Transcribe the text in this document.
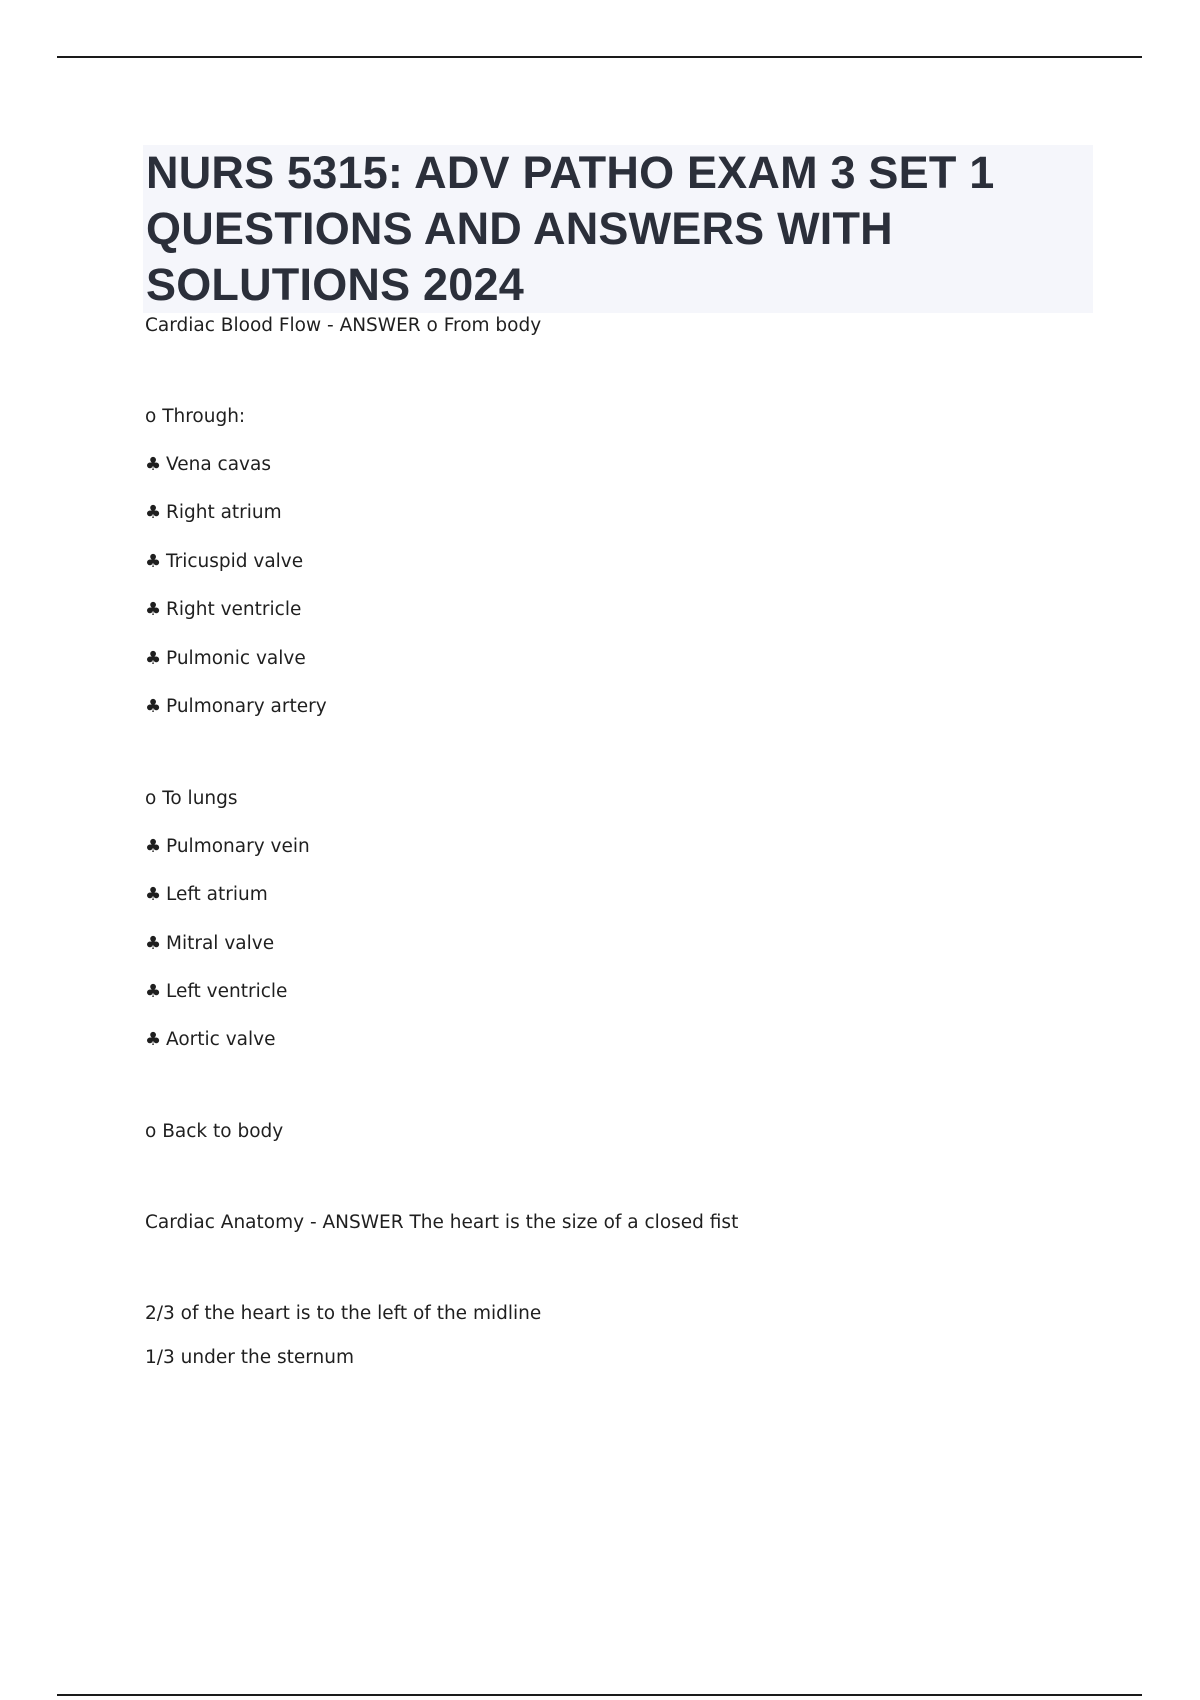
NURS 5315: ADV PATHO EXAM 3 SET 1
QUESTIONS AND ANSWERS WITH
SOLUTIONS 2024
Cardiac Blood Flow - ANSWER o From body
o Through:
♣ Vena cavas
♣ Right atrium
♣ Tricuspid valve
♣ Right ventricle
♣ Pulmonic valve
♣ Pulmonary artery
o To lungs
♣ Pulmonary vein
♣ Left atrium
♣ Mitral valve
♣ Left ventricle
♣ Aortic valve
o Back to body
Cardiac Anatomy - ANSWER The heart is the size of a closed fist
2/3 of the heart is to the left of the midline
1/3 under the sternum
